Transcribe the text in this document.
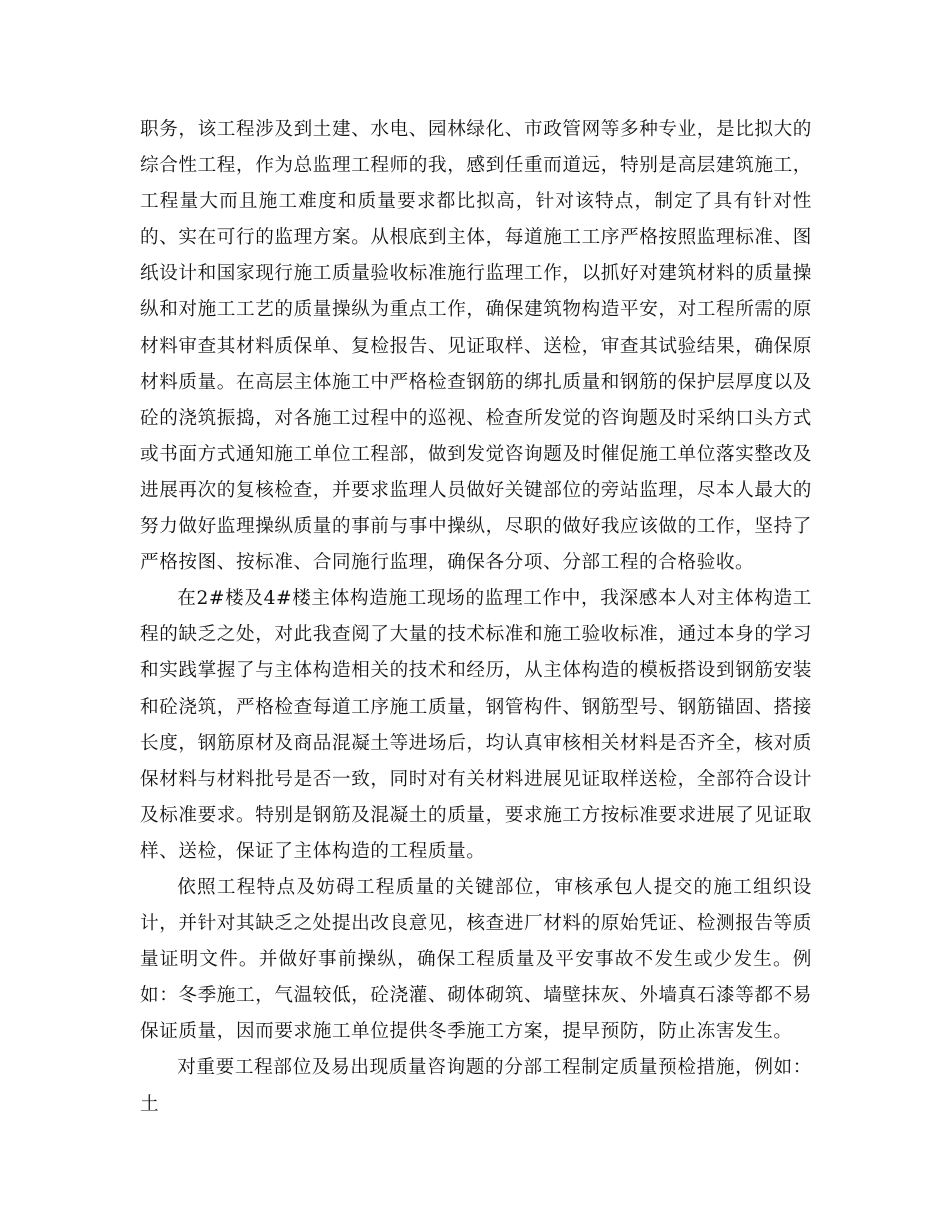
职务，该工程涉及到土建、水电、园林绿化、市政管网等多种专业，是比拟大的综合性工程，作为总监理工程师的我，感到任重而道远，特别是高层建筑施工，工程量大而且施工难度和质量要求都比拟高，针对该特点，制定了具有针对性的、实在可行的监理方案。从根底到主体，每道施工工序严格按照监理标准、图纸设计和国家现行施工质量验收标准施行监理工作，以抓好对建筑材料的质量操纵和对施工工艺的质量操纵为重点工作，确保建筑物构造平安，对工程所需的原材料审查其材料质保单、复检报告、见证取样、送检，审查其试验结果，确保原材料质量。在高层主体施工中严格检查钢筋的绑扎质量和钢筋的保护层厚度以及砼的浇筑振捣，对各施工过程中的巡视、检查所发觉的咨询题及时采纳口头方式或书面方式通知施工单位工程部，做到发觉咨询题及时催促施工单位落实整改及进展再次的复核检查，并要求监理人员做好关键部位的旁站监理，尽本人最大的努力做好监理操纵质量的事前与事中操纵，尽职的做好我应该做的工作，坚持了严格按图、按标准、合同施行监理，确保各分项、分部工程的合格验收。

在2#楼及4#楼主体构造施工现场的监理工作中，我深感本人对主体构造工程的缺乏之处，对此我查阅了大量的技术标准和施工验收标准，通过本身的学习和实践掌握了与主体构造相关的技术和经历，从主体构造的模板搭设到钢筋安装和砼浇筑，严格检查每道工序施工质量，钢管构件、钢筋型号、钢筋锚固、搭接长度，钢筋原材及商品混凝土等进场后，均认真审核相关材料是否齐全，核对质保材料与材料批号是否一致，同时对有关材料进展见证取样送检，全部符合设计及标准要求。特别是钢筋及混凝土的质量，要求施工方按标准要求进展了见证取样、送检，保证了主体构造的工程质量。

依照工程特点及妨碍工程质量的关键部位，审核承包人提交的施工组织设计，并针对其缺乏之处提出改良意见，核查进厂材料的原始凭证、检测报告等质量证明文件。并做好事前操纵，确保工程质量及平安事故不发生或少发生。例如：冬季施工，气温较低，砼浇灌、砌体砌筑、墙壁抹灰、外墙真石漆等都不易保证质量，因而要求施工单位提供冬季施工方案，提早预防，防止冻害发生。

对重要工程部位及易出现质量咨询题的分部工程制定质量预检措施，例如：土
